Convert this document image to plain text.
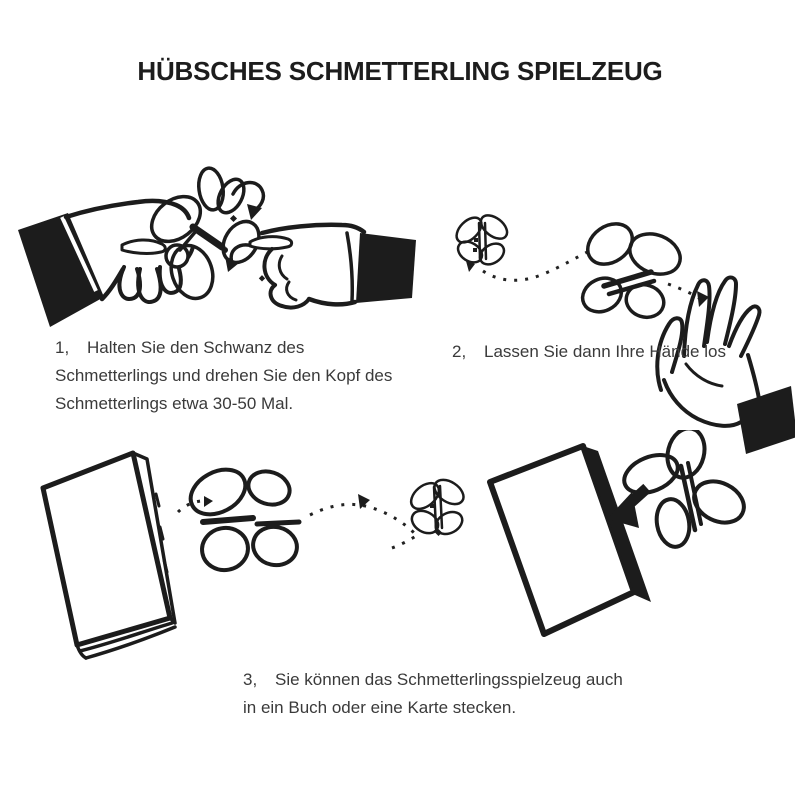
HÜBSCHES SCHMETTERLING SPIELZEUG
1, Halten Sie den Schwanz des
Schmetterlings und drehen Sie den Kopf des
Schmetterlings etwa 30-50 Mal.
2, Lassen Sie dann Ihre Hände los
3, Sie können das Schmetterlingsspielzeug auch
in ein Buch oder eine Karte stecken.
